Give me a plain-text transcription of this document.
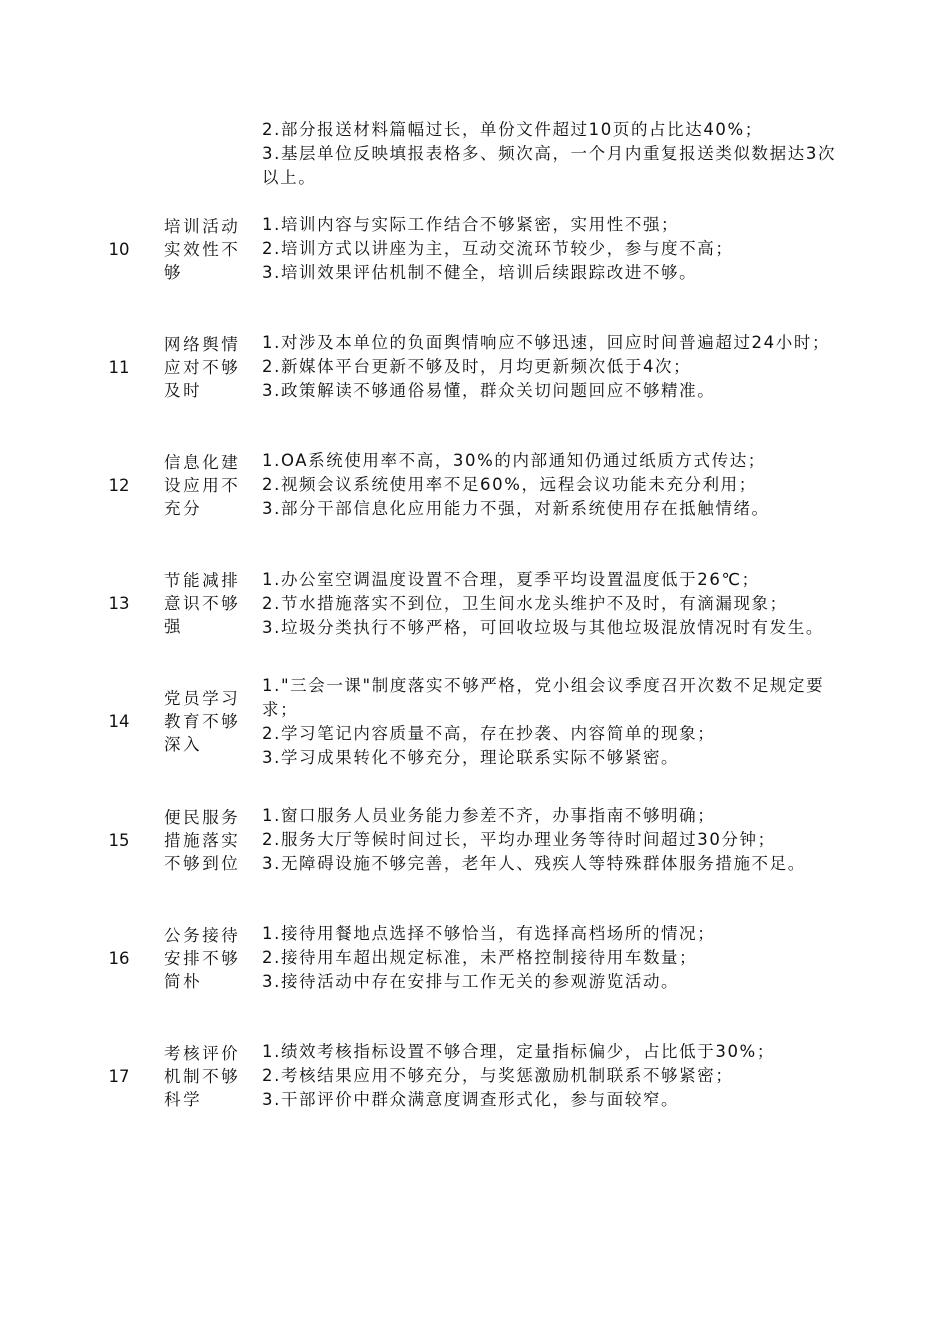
2.部分报送材料篇幅过长，单份文件超过10页的占比达40%；
3.基层单位反映填报表格多、频次高，一个月内重复报送类似数据达3次以上。
10
培训活动实效性不够
1.培训内容与实际工作结合不够紧密，实用性不强；
2.培训方式以讲座为主，互动交流环节较少，参与度不高；
3.培训效果评估机制不健全，培训后续跟踪改进不够。
11
网络舆情应对不够及时
1.对涉及本单位的负面舆情响应不够迅速，回应时间普遍超过24小时；
2.新媒体平台更新不够及时，月均更新频次低于4次；
3.政策解读不够通俗易懂，群众关切问题回应不够精准。
12
信息化建设应用不充分
1.OA系统使用率不高，30%的内部通知仍通过纸质方式传达；
2.视频会议系统使用率不足60%，远程会议功能未充分利用；
3.部分干部信息化应用能力不强，对新系统使用存在抵触情绪。
13
节能减排意识不够强
1.办公室空调温度设置不合理，夏季平均设置温度低于26℃；
2.节水措施落实不到位，卫生间水龙头维护不及时，有滴漏现象；
3.垃圾分类执行不够严格，可回收垃圾与其他垃圾混放情况时有发生。
14
党员学习教育不够深入
1."三会一课"制度落实不够严格，党小组会议季度召开次数不足规定要求；
2.学习笔记内容质量不高，存在抄袭、内容简单的现象；
3.学习成果转化不够充分，理论联系实际不够紧密。
15
便民服务措施落实不够到位
1.窗口服务人员业务能力参差不齐，办事指南不够明确；
2.服务大厅等候时间过长，平均办理业务等待时间超过30分钟；
3.无障碍设施不够完善，老年人、残疾人等特殊群体服务措施不足。
16
公务接待安排不够简朴
1.接待用餐地点选择不够恰当，有选择高档场所的情况；
2.接待用车超出规定标准，未严格控制接待用车数量；
3.接待活动中存在安排与工作无关的参观游览活动。
17
考核评价机制不够科学
1.绩效考核指标设置不够合理，定量指标偏少，占比低于30%；
2.考核结果应用不够充分，与奖惩激励机制联系不够紧密；
3.干部评价中群众满意度调查形式化，参与面较窄。
